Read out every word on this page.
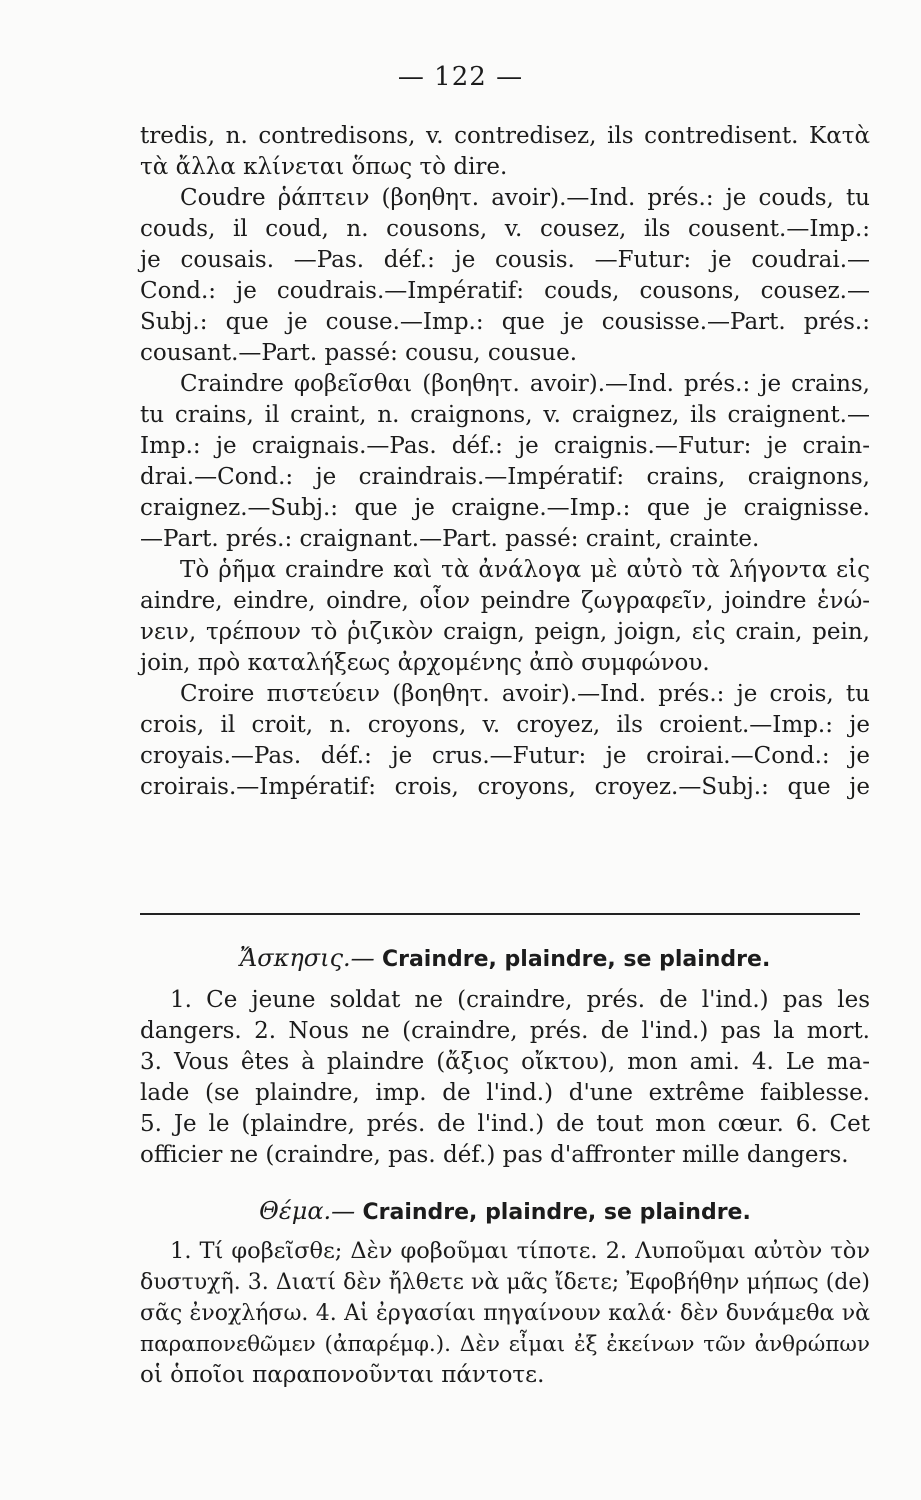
— 122 —
tredis, n. contredisons, v. contredisez, ils contredisent. Κατὰ
τὰ ἄλλα κλίνεται ὅπως τὸ dire.
Coudre ῥάπτειν (βοηθητ. avoir).—Ind. prés.: je couds, tu
couds, il coud, n. cousons, v. cousez, ils cousent.—Imp.:
je cousais. —Pas. déf.: je cousis. —Futur: je coudrai.—
Cond.: je coudrais.—Impératif: couds, cousons, cousez.—
Subj.: que je couse.—Imp.: que je cousisse.—Part. prés.:
cousant.—Part. passé: cousu, cousue.
Craindre φοβεῖσθαι (βοηθητ. avoir).—Ind. prés.: je crains,
tu crains, il craint, n. craignons, v. craignez, ils craignent.—
Imp.: je craignais.—Pas. déf.: je craignis.—Futur: je crain-
drai.—Cond.: je craindrais.—Impératif: crains, craignons,
craignez.—Subj.: que je craigne.—Imp.: que je craignisse.
—Part. prés.: craignant.—Part. passé: craint, crainte.
Τὸ ῥῆμα craindre καὶ τὰ ἀνάλογα μὲ αὐτὸ τὰ λήγοντα εἰς
aindre, eindre, oindre, οἷον peindre ζωγραφεῖν, joindre ἑνώ-
νειν, τρέπουν τὸ ῥιζικὸν craign, peign, joign, εἰς crain, pein,
join, πρὸ καταλήξεως ἀρχομένης ἀπὸ συμφώνου.
Croire πιστεύειν (βοηθητ. avoir).—Ind. prés.: je crois, tu
crois, il croit, n. croyons, v. croyez, ils croient.—Imp.: je
croyais.—Pas. déf.: je crus.—Futur: je croirai.—Cond.: je
croirais.—Impératif: crois, croyons, croyez.—Subj.: que je
Ἄσκησις.— Craindre, plaindre, se plaindre.
1. Ce jeune soldat ne (craindre, prés. de l'ind.) pas les
dangers. 2. Nous ne (craindre, prés. de l'ind.) pas la mort.
3. Vous êtes à plaindre (ἄξιος οἴκτου), mon ami. 4. Le ma-
lade (se plaindre, imp. de l'ind.) d'une extrême faiblesse.
5. Je le (plaindre, prés. de l'ind.) de tout mon cœur. 6. Cet
officier ne (craindre, pas. déf.) pas d'affronter mille dangers.
Θέμα.— Craindre, plaindre, se plaindre.
1. Τί φοβεῖσθε; Δὲν φοβοῦμαι τίποτε. 2. Λυποῦμαι αὐτὸν τὸν
δυστυχῆ. 3. Διατί δὲν ἤλθετε νὰ μᾶς ἴδετε; Ἐφοβήθην μήπως (de)
σᾶς ἐνοχλήσω. 4. Αἱ ἐργασίαι πηγαίνουν καλά· δὲν δυνάμεθα νὰ
παραπονεθῶμεν (ἀπαρέμφ.). Δὲν εἶμαι ἐξ ἐκείνων τῶν ἀνθρώπων
οἱ ὁποῖοι παραπονοῦνται πάντοτε.
